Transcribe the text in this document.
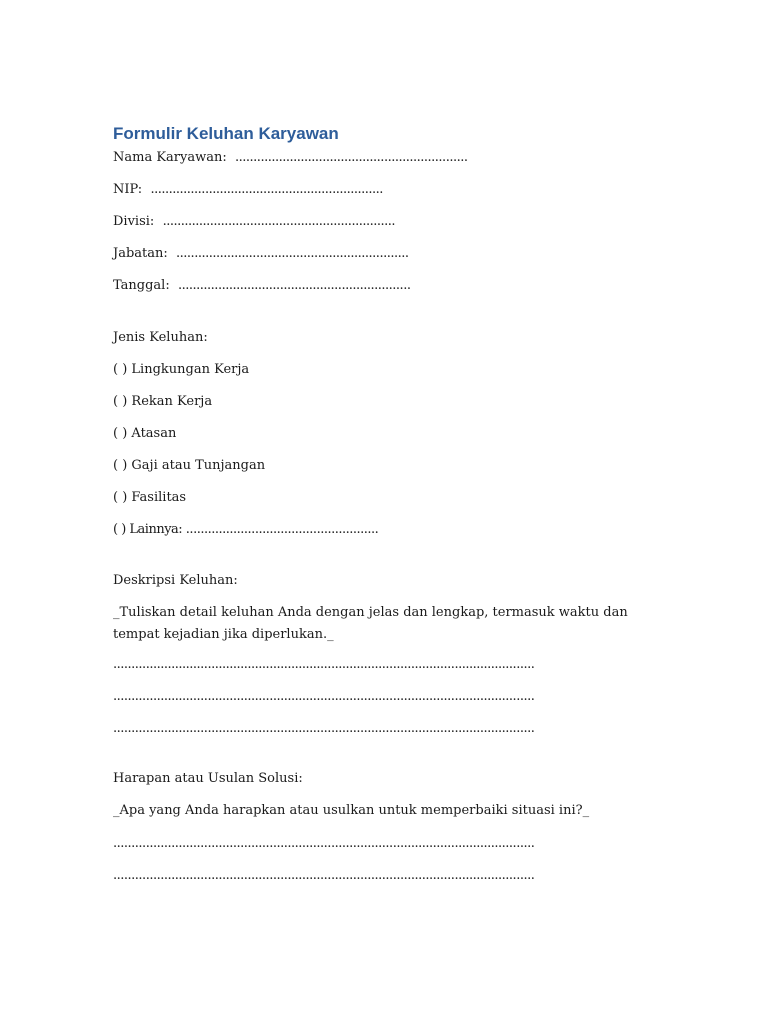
Formulir Keluhan Karyawan
Nama Karyawan: ................................................................
NIP: ................................................................
Divisi: ................................................................
Jabatan: ................................................................
Tanggal: ................................................................
Jenis Keluhan:
( ) Lingkungan Kerja
( ) Rekan Kerja
( ) Atasan
( ) Gaji atau Tunjangan
( ) Fasilitas
( ) Lainnya: .....................................................
Deskripsi Keluhan:
_Tuliskan detail keluhan Anda dengan jelas dan lengkap, termasuk waktu dan tempat kejadian jika diperlukan._
....................................................................................................................
....................................................................................................................
....................................................................................................................
Harapan atau Usulan Solusi:
_Apa yang Anda harapkan atau usulkan untuk memperbaiki situasi ini?_
....................................................................................................................
....................................................................................................................
